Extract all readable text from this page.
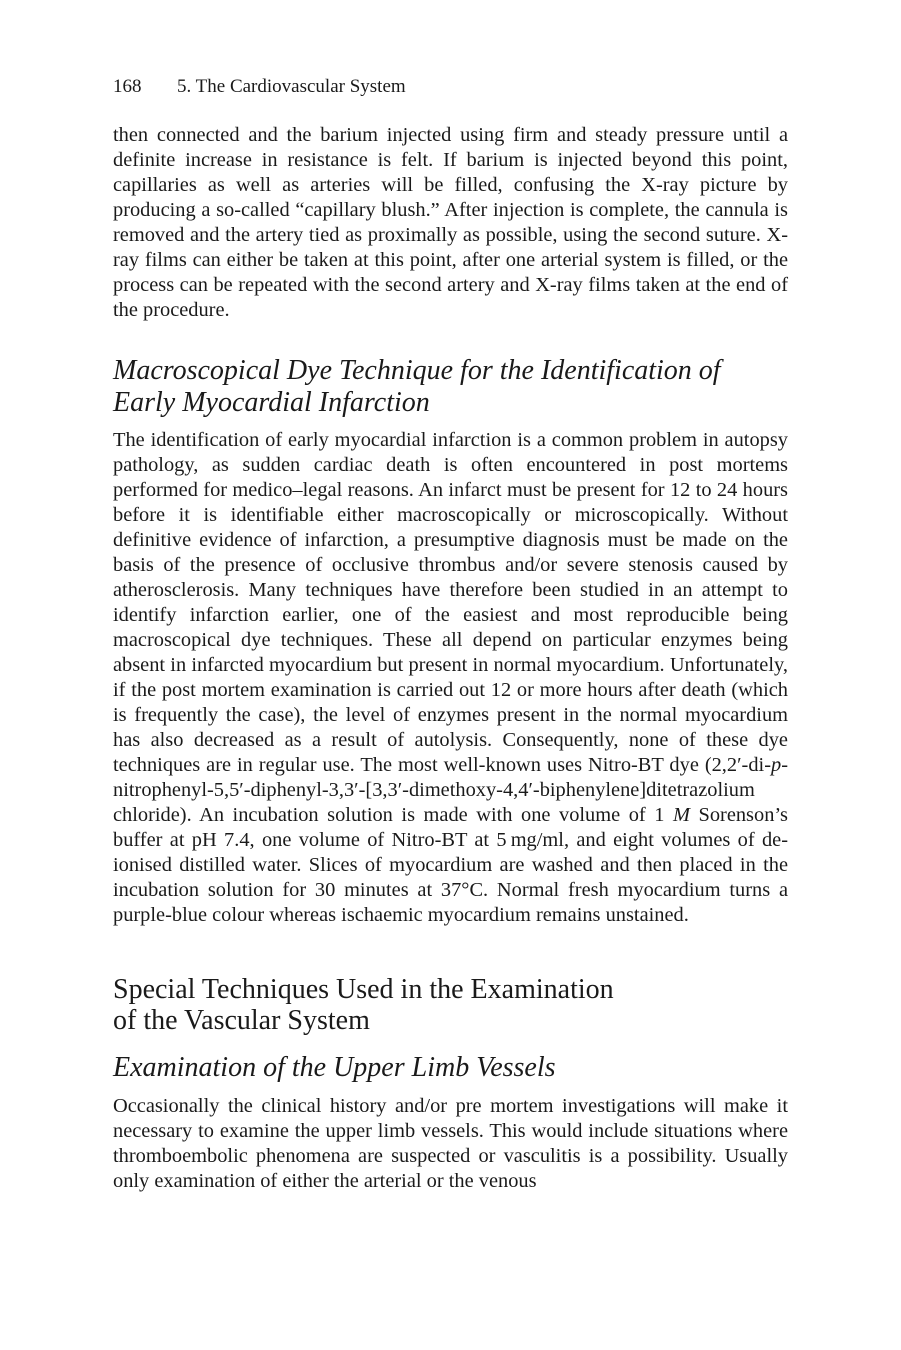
168 5. The Cardiovascular System

then connected and the barium injected using firm and steady pressure until a definite increase in resistance is felt. If barium is injected beyond this point, capillaries as well as arteries will be filled, confusing the X-ray picture by producing a so-called “capillary blush.” After injection is complete, the cannula is removed and the artery tied as proximally as possible, using the second suture. X-ray films can either be taken at this point, after one arterial system is filled, or the process can be repeated with the second artery and X-ray films taken at the end of the procedure.

Macroscopical Dye Technique for the Identification of
Early Myocardial Infarction

The identification of early myocardial infarction is a common problem in autopsy pathology, as sudden cardiac death is often encountered in post mortems performed for medico–legal reasons. An infarct must be present for 12 to 24 hours before it is identifiable either macroscopically or microscopically. Without definitive evidence of infarction, a presumptive diagnosis must be made on the basis of the presence of occlusive thrombus and/or severe stenosis caused by atherosclerosis. Many techniques have therefore been studied in an attempt to identify infarction earlier, one of the easiest and most reproducible being macroscopical dye techniques. These all depend on particular enzymes being absent in infarcted myocardium but present in normal myocardium. Unfortunately, if the post mortem examination is carried out 12 or more hours after death (which is frequently the case), the level of enzymes present in the normal myocardium has also decreased as a result of autolysis. Consequently, none of these dye techniques are in regular use. The most well-known uses Nitro-BT dye (2,2′-di-p-nitrophenyl-5,5′-diphenyl-3,3′-[3,3′-dimethoxy-4,4′-biphenylene]ditetrazolium chloride). An incubation solution is made with one volume of 1 M Sorenson’s buffer at pH 7.4, one volume of Nitro-BT at 5 mg/ml, and eight volumes of de-ionised distilled water. Slices of myocardium are washed and then placed in the incubation solution for 30 minutes at 37°C. Normal fresh myocardium turns a purple-blue colour whereas ischaemic myocardium remains unstained.

Special Techniques Used in the Examination
of the Vascular System
Examination of the Upper Limb Vessels

Occasionally the clinical history and/or pre mortem investigations will make it necessary to examine the upper limb vessels. This would include situations where thromboembolic phenomena are suspected or vasculitis is a possibility. Usually only examination of either the arterial or the venous
